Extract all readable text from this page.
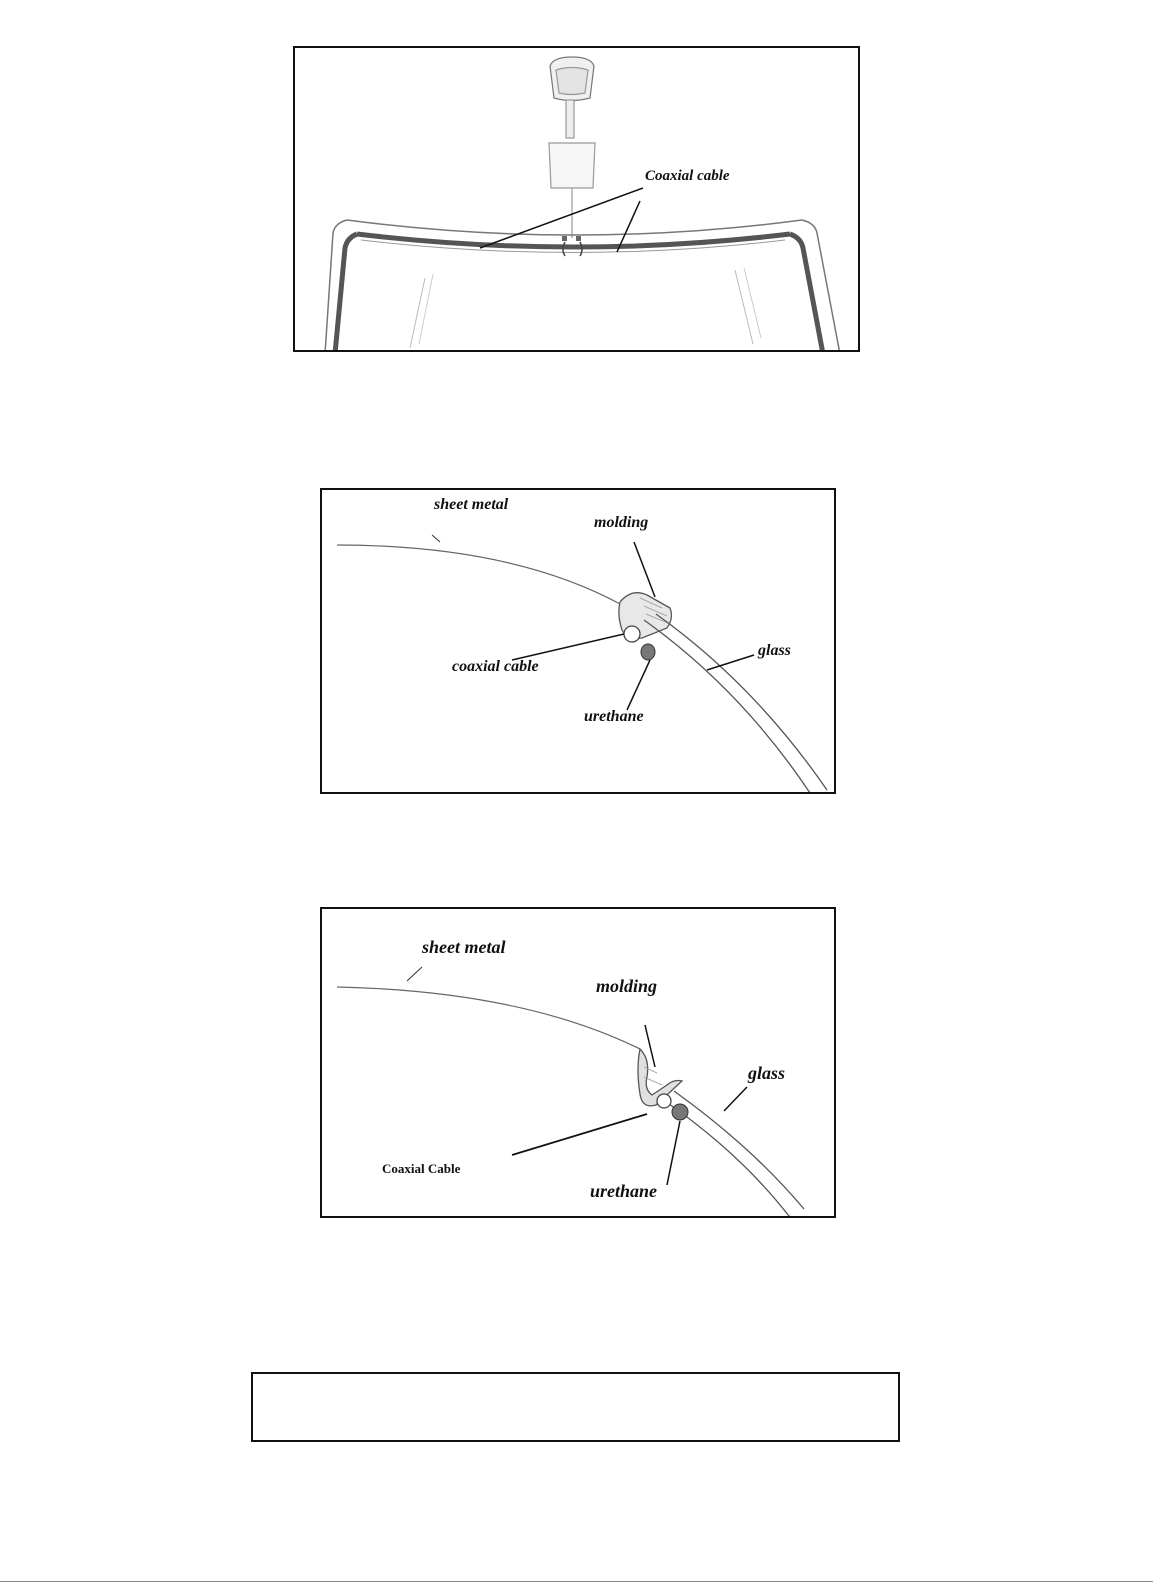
Coaxial cable
sheet metal
molding
coaxial cable
glass
urethane
sheet metal
molding
glass
Coaxial Cable
urethane
